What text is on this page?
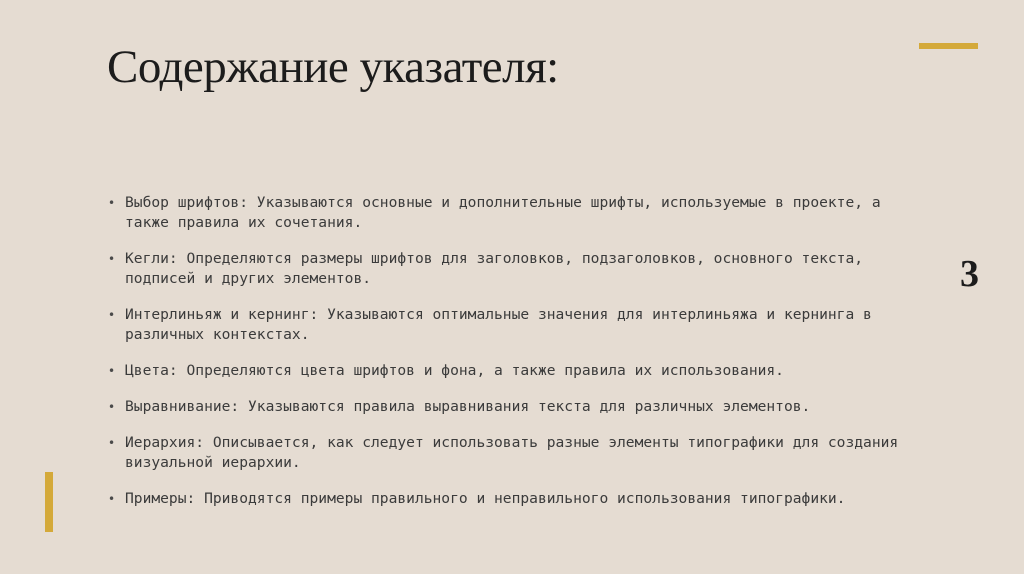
Содержание указателя:
3
• Выбор шрифтов: Указываются основные и дополнительные шрифты, используемые в проекте, а также правила их сочетания.
• Кегли: Определяются размеры шрифтов для заголовков, подзаголовков, основного текста, подписей и других элементов.
• Интерлиньяж и кернинг: Указываются оптимальные значения для интерлиньяжа и кернинга в различных контекстах.
• Цвета: Определяются цвета шрифтов и фона, а также правила их использования.
• Выравнивание: Указываются правила выравнивания текста для различных элементов.
• Иерархия: Описывается, как следует использовать разные элементы типографики для создания визуальной иерархии.
• Примеры: Приводятся примеры правильного и неправильного использования типографики.
